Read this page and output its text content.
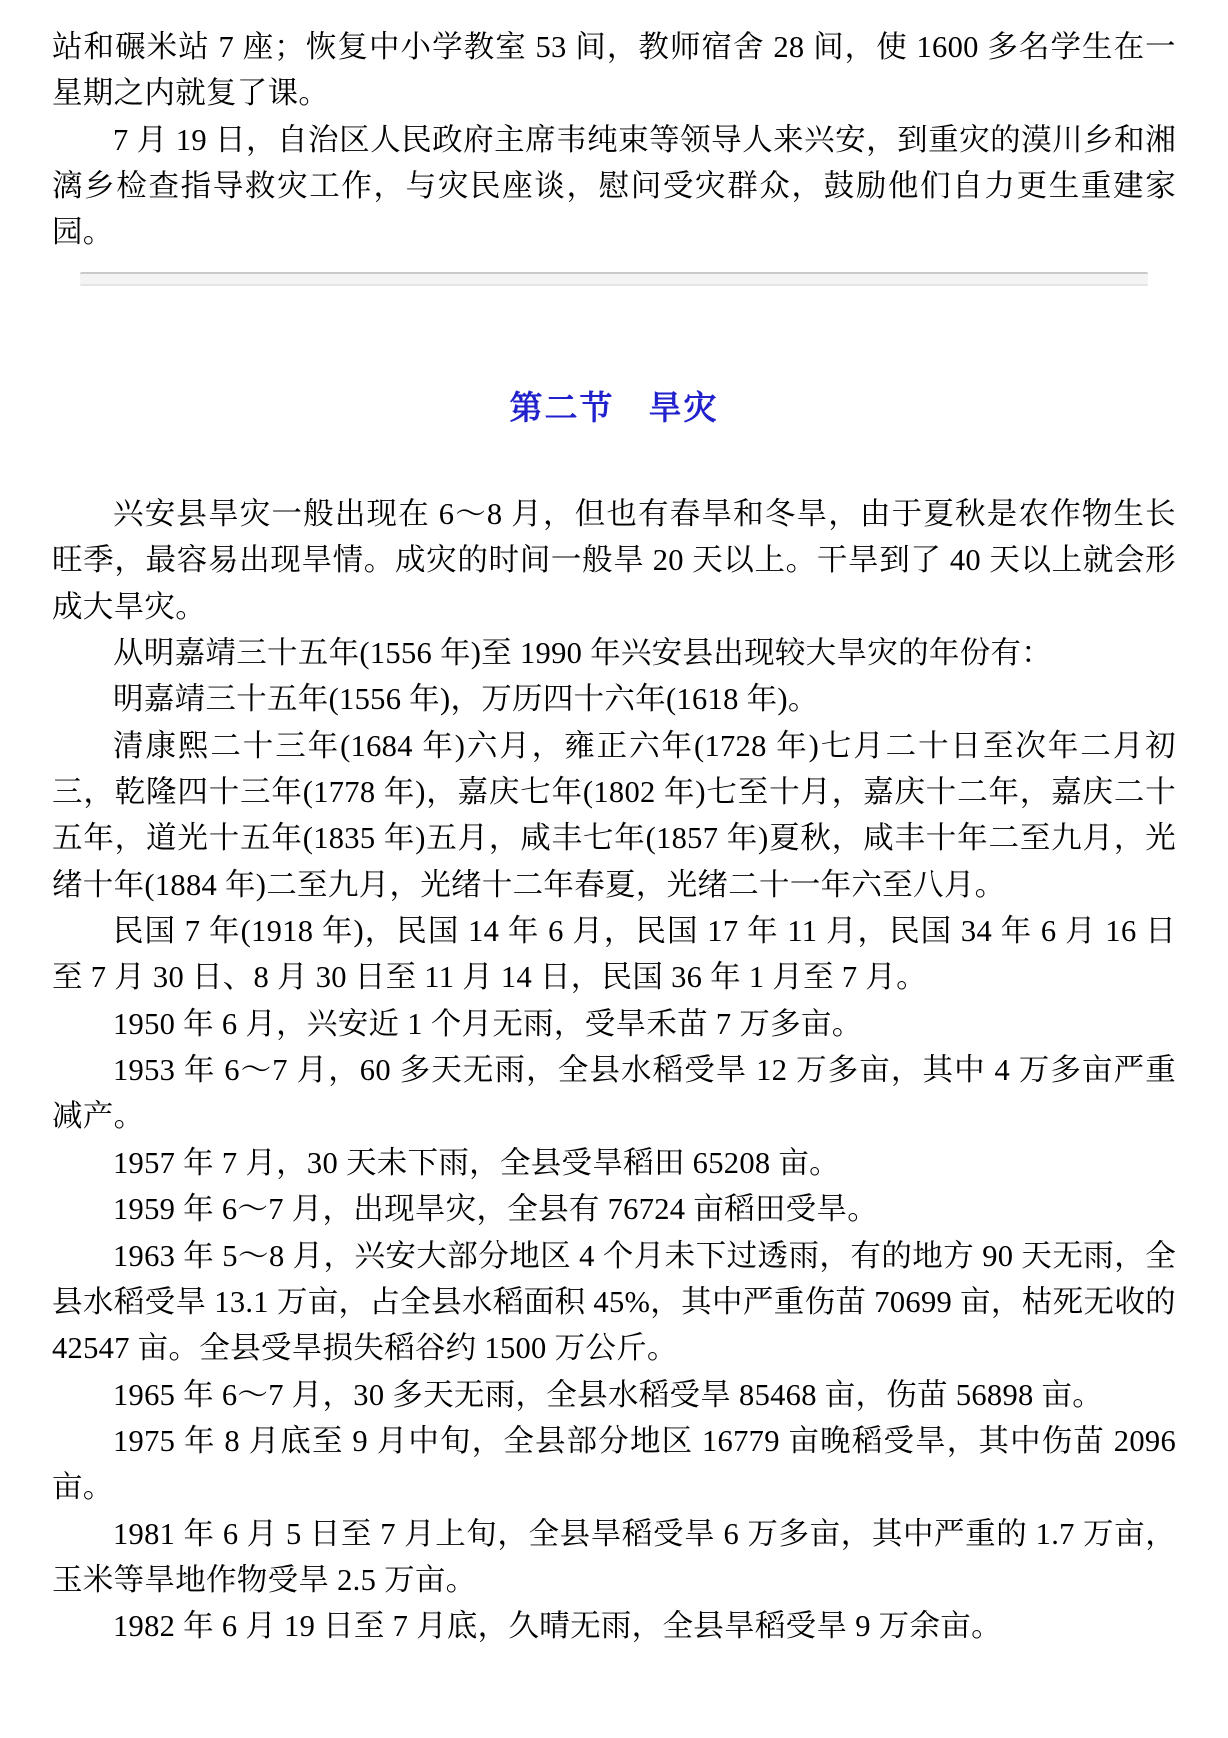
站和碾米站 7 座；恢复中小学教室 53 间，教师宿舍 28 间，使 1600 多名学生在一星期之内就复了课。

7 月 19 日，自治区人民政府主席韦纯束等领导人来兴安，到重灾的漠川乡和湘漓乡检查指导救灾工作，与灾民座谈，慰问受灾群众，鼓励他们自力更生重建家园。

第二节 旱灾

兴安县旱灾一般出现在 6～8 月，但也有春旱和冬旱，由于夏秋是农作物生长旺季，最容易出现旱情。成灾的时间一般旱 20 天以上。干旱到了 40 天以上就会形成大旱灾。

从明嘉靖三十五年(1556 年)至 1990 年兴安县出现较大旱灾的年份有：

明嘉靖三十五年(1556 年)，万历四十六年(1618 年)。

清康熙二十三年(1684 年)六月，雍正六年(1728 年)七月二十日至次年二月初三，乾隆四十三年(1778 年)，嘉庆七年(1802 年)七至十月，嘉庆十二年，嘉庆二十五年，道光十五年(1835 年)五月，咸丰七年(1857 年)夏秋，咸丰十年二至九月，光绪十年(1884 年)二至九月，光绪十二年春夏，光绪二十一年六至八月。

民国 7 年(1918 年)，民国 14 年 6 月，民国 17 年 11 月，民国 34 年 6 月 16 日至 7 月 30 日、8 月 30 日至 11 月 14 日，民国 36 年 1 月至 7 月。

1950 年 6 月，兴安近 1 个月无雨，受旱禾苗 7 万多亩。

1953 年 6～7 月，60 多天无雨，全县水稻受旱 12 万多亩，其中 4 万多亩严重减产。

1957 年 7 月，30 天未下雨，全县受旱稻田 65208 亩。

1959 年 6～7 月，出现旱灾，全县有 76724 亩稻田受旱。

1963 年 5～8 月，兴安大部分地区 4 个月未下过透雨，有的地方 90 天无雨，全县水稻受旱 13.1 万亩，占全县水稻面积 45%，其中严重伤苗 70699 亩，枯死无收的 42547 亩。全县受旱损失稻谷约 1500 万公斤。

1965 年 6～7 月，30 多天无雨，全县水稻受旱 85468 亩，伤苗 56898 亩。

1975 年 8 月底至 9 月中旬，全县部分地区 16779 亩晚稻受旱，其中伤苗 2096 亩。

1981 年 6 月 5 日至 7 月上旬，全县旱稻受旱 6 万多亩，其中严重的 1.7 万亩，玉米等旱地作物受旱 2.5 万亩。

1982 年 6 月 19 日至 7 月底，久晴无雨，全县旱稻受旱 9 万余亩。
